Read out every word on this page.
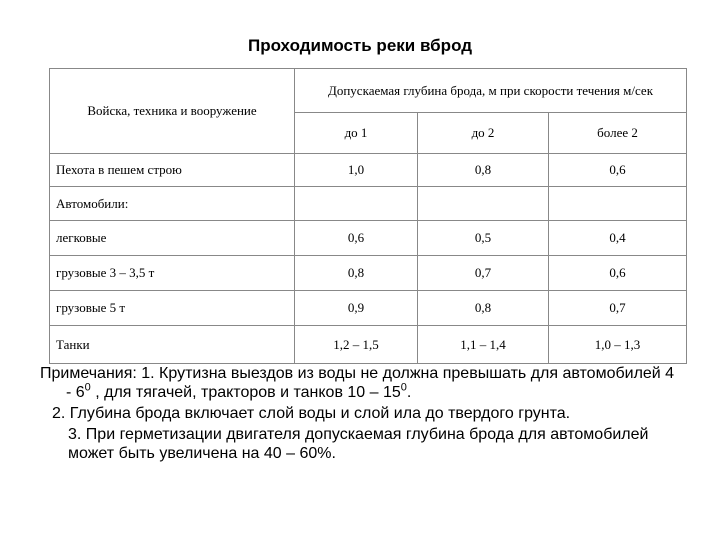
Проходимость реки вброд
Войска, техника и вооружение	Допускаемая глубина брода, м при скорости течения м/сек		
	до 1	до 2	более 2
Пехота в пешем строю	1,0	0,8	0,6
Автомобили:			
легковые	0,6	0,5	0,4
грузовые 3 – 3,5 т	0,8	0,7	0,6
грузовые 5 т	0,9	0,8	0,7
Танки	1,2 – 1,5	1,1 – 1,4	1,0 – 1,3

Примечания: 1. Крутизна выездов из воды не должна превышать для автомобилей $4 - 6^0$ , для тягачей, тракторов и танков $10 - 15^0$.

2. Глубина брода включает слой воды и слой ила до твердого грунта.

3. При герметизации двигателя допускаемая глубина брода для автомобилей может быть увеличена на 40 – 60%.
